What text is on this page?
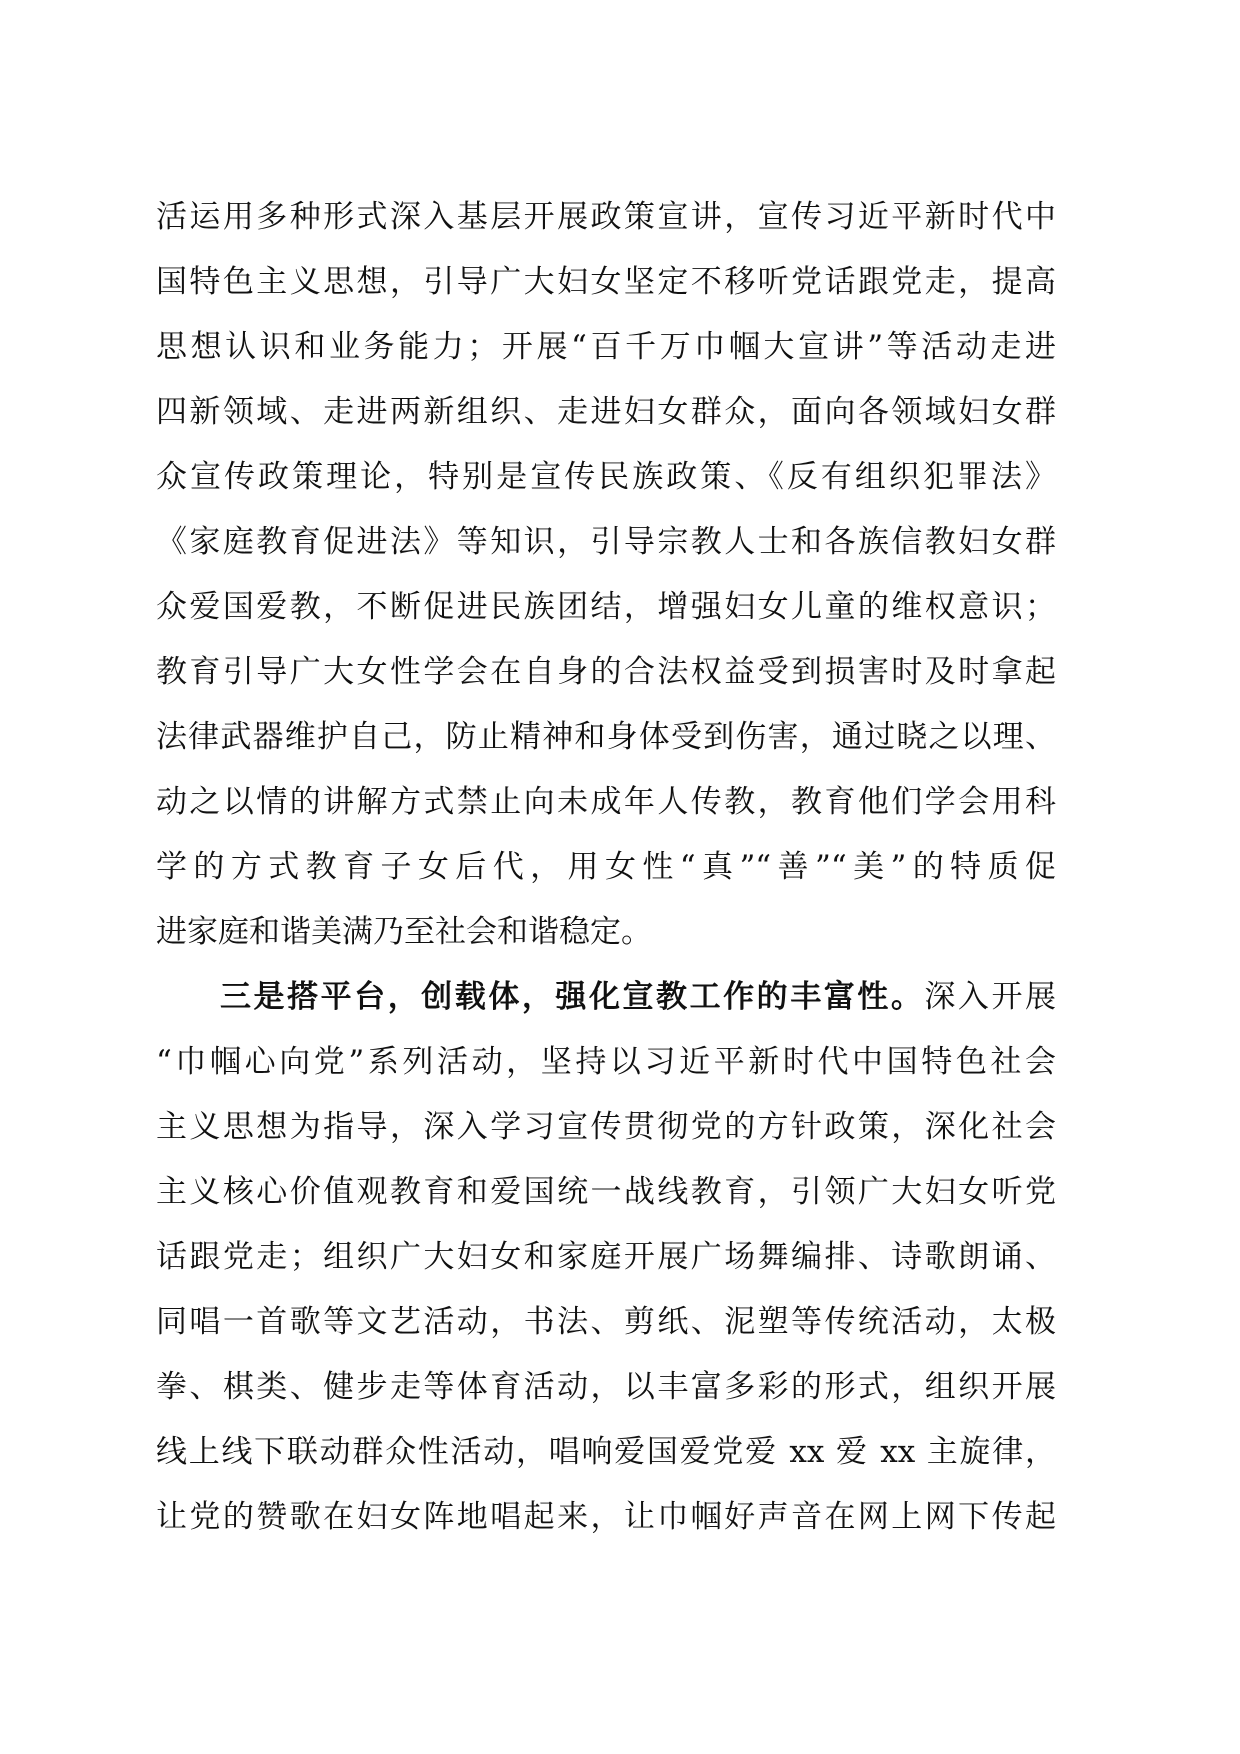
活运用多种形式深入基层开展政策宣讲，宣传习近平新时代中
国特色主义思想，引导广大妇女坚定不移听党话跟党走，提高
思想认识和业务能力；开展“百千万巾帼大宣讲”等活动走进
四新领域、走进两新组织、走进妇女群众，面向各领域妇女群
众宣传政策理论，特别是宣传民族政策、《反有组织犯罪法》
《家庭教育促进法》等知识，引导宗教人士和各族信教妇女群
众爱国爱教，不断促进民族团结，增强妇女儿童的维权意识；
教育引导广大女性学会在自身的合法权益受到损害时及时拿起
法律武器维护自己，防止精神和身体受到伤害，通过晓之以理、
动之以情的讲解方式禁止向未成年人传教，教育他们学会用科
学的方式教育子女后代，用女性“真”“善”“美”的特质促
进家庭和谐美满乃至社会和谐稳定。
三是搭平台，创载体，强化宣教工作的丰富性。深入开展
“巾帼心向党”系列活动，坚持以习近平新时代中国特色社会
主义思想为指导，深入学习宣传贯彻党的方针政策，深化社会
主义核心价值观教育和爱国统一战线教育，引领广大妇女听党
话跟党走；组织广大妇女和家庭开展广场舞编排、诗歌朗诵、
同唱一首歌等文艺活动，书法、剪纸、泥塑等传统活动，太极
拳、棋类、健步走等体育活动，以丰富多彩的形式，组织开展
线上线下联动群众性活动，唱响爱国爱党爱 xx 爱 xx 主旋律，
让党的赞歌在妇女阵地唱起来，让巾帼好声音在网上网下传起
